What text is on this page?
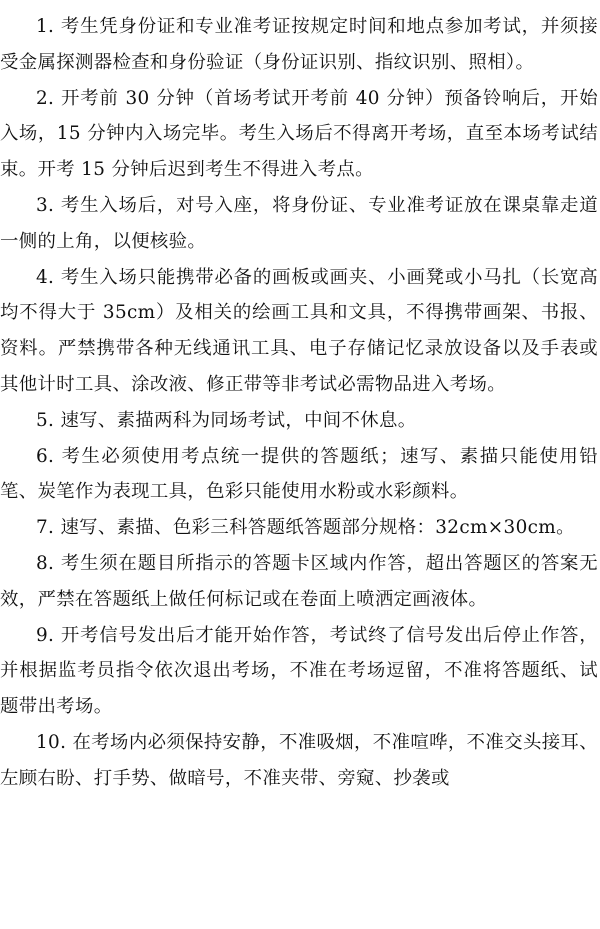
1. 考生凭身份证和专业准考证按规定时间和地点参加考试，并须接受金属探测器检查和身份验证（身份证识别、指纹识别、照相）。

2. 开考前 30 分钟（首场考试开考前 40 分钟）预备铃响后，开始入场，15 分钟内入场完毕。考生入场后不得离开考场，直至本场考试结束。开考 15 分钟后迟到考生不得进入考点。

3. 考生入场后，对号入座，将身份证、专业准考证放在课桌靠走道一侧的上角，以便核验。

4. 考生入场只能携带必备的画板或画夹、小画凳或小马扎（长宽高均不得大于 35cm）及相关的绘画工具和文具，不得携带画架、书报、资料。严禁携带各种无线通讯工具、电子存储记忆录放设备以及手表或其他计时工具、涂改液、修正带等非考试必需物品进入考场。

5. 速写、素描两科为同场考试，中间不休息。

6. 考生必须使用考点统一提供的答题纸；速写、素描只能使用铅笔、炭笔作为表现工具，色彩只能使用水粉或水彩颜料。

7. 速写、素描、色彩三科答题纸答题部分规格：32cm×30cm。

8. 考生须在题目所指示的答题卡区域内作答，超出答题区的答案无效，严禁在答题纸上做任何标记或在卷面上喷洒定画液体。

9. 开考信号发出后才能开始作答，考试终了信号发出后停止作答，并根据监考员指令依次退出考场，不准在考场逗留，不准将答题纸、试题带出考场。

10. 在考场内必须保持安静，不准吸烟，不准喧哗，不准交头接耳、左顾右盼、打手势、做暗号，不准夹带、旁窥、抄袭或
